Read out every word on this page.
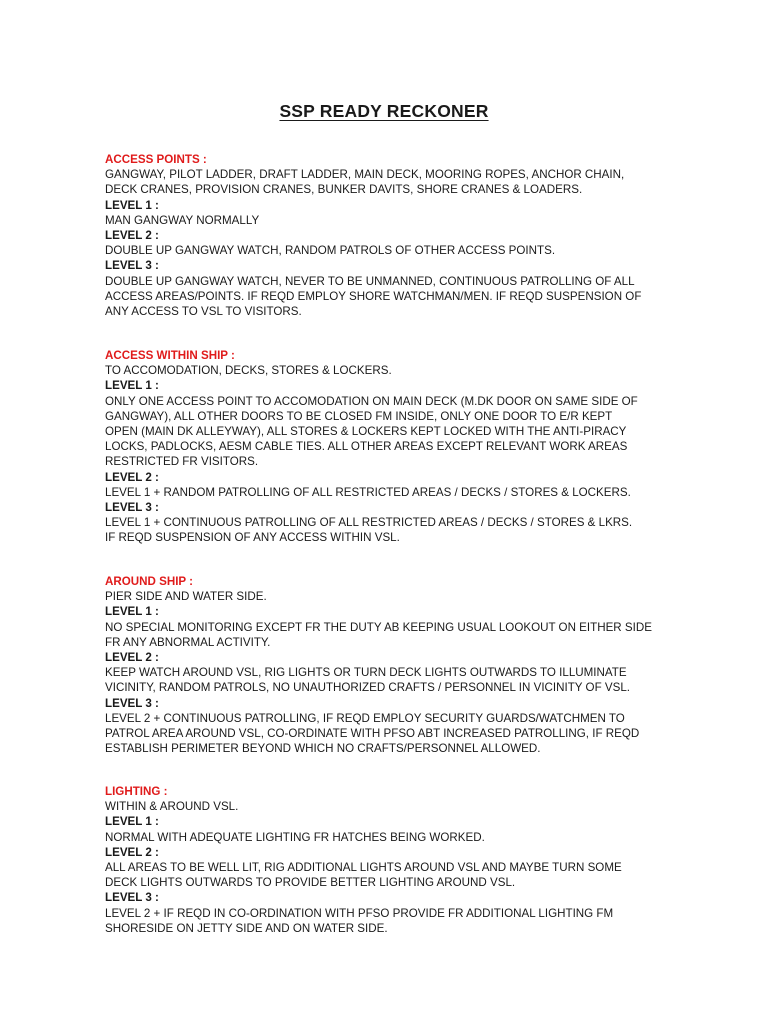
SSP READY RECKONER
ACCESS POINTS :
GANGWAY, PILOT LADDER, DRAFT LADDER, MAIN DECK, MOORING ROPES, ANCHOR CHAIN,
DECK CRANES, PROVISION CRANES, BUNKER DAVITS, SHORE CRANES & LOADERS.
LEVEL 1 :
MAN GANGWAY NORMALLY
LEVEL 2 :
DOUBLE UP GANGWAY WATCH, RANDOM PATROLS OF OTHER ACCESS POINTS.
LEVEL 3 :
DOUBLE UP GANGWAY WATCH, NEVER TO BE UNMANNED, CONTINUOUS PATROLLING OF ALL
ACCESS AREAS/POINTS. IF REQD EMPLOY SHORE WATCHMAN/MEN. IF REQD SUSPENSION OF
ANY ACCESS TO VSL TO VISITORS.
ACCESS WITHIN SHIP :
TO ACCOMODATION, DECKS, STORES & LOCKERS.
LEVEL 1 :
ONLY ONE ACCESS POINT TO ACCOMODATION ON MAIN DECK (M.DK DOOR ON SAME SIDE OF
GANGWAY), ALL OTHER DOORS TO BE CLOSED FM INSIDE, ONLY ONE DOOR TO E/R KEPT
OPEN (MAIN DK ALLEYWAY), ALL STORES & LOCKERS KEPT LOCKED WITH THE ANTI-PIRACY
LOCKS, PADLOCKS, AESM CABLE TIES. ALL OTHER AREAS EXCEPT RELEVANT WORK AREAS
RESTRICTED FR VISITORS.
LEVEL 2 :
LEVEL 1 + RANDOM PATROLLING OF ALL RESTRICTED AREAS / DECKS / STORES & LOCKERS.
LEVEL 3 :
LEVEL 1 + CONTINUOUS PATROLLING OF ALL RESTRICTED AREAS / DECKS / STORES & LKRS.
IF REQD SUSPENSION OF ANY ACCESS WITHIN VSL.
AROUND SHIP :
PIER SIDE AND WATER SIDE.
LEVEL 1 :
NO SPECIAL MONITORING EXCEPT FR THE DUTY AB KEEPING USUAL LOOKOUT ON EITHER SIDE
FR ANY ABNORMAL ACTIVITY.
LEVEL 2 :
KEEP WATCH AROUND VSL, RIG LIGHTS OR TURN DECK LIGHTS OUTWARDS TO ILLUMINATE
VICINITY, RANDOM PATROLS, NO UNAUTHORIZED CRAFTS / PERSONNEL IN VICINITY OF VSL.
LEVEL 3 :
LEVEL 2 + CONTINUOUS PATROLLING, IF REQD EMPLOY SECURITY GUARDS/WATCHMEN TO
PATROL AREA AROUND VSL, CO-ORDINATE WITH PFSO ABT INCREASED PATROLLING, IF REQD
ESTABLISH PERIMETER BEYOND WHICH NO CRAFTS/PERSONNEL ALLOWED.
LIGHTING :
WITHIN & AROUND VSL.
LEVEL 1 :
NORMAL WITH ADEQUATE LIGHTING FR HATCHES BEING WORKED.
LEVEL 2 :
ALL AREAS TO BE WELL LIT, RIG ADDITIONAL LIGHTS AROUND VSL AND MAYBE TURN SOME
DECK LIGHTS OUTWARDS TO PROVIDE BETTER LIGHTING AROUND VSL.
LEVEL 3 :
LEVEL 2 + IF REQD IN CO-ORDINATION WITH PFSO PROVIDE FR ADDITIONAL LIGHTING FM
SHORESIDE ON JETTY SIDE AND ON WATER SIDE.
